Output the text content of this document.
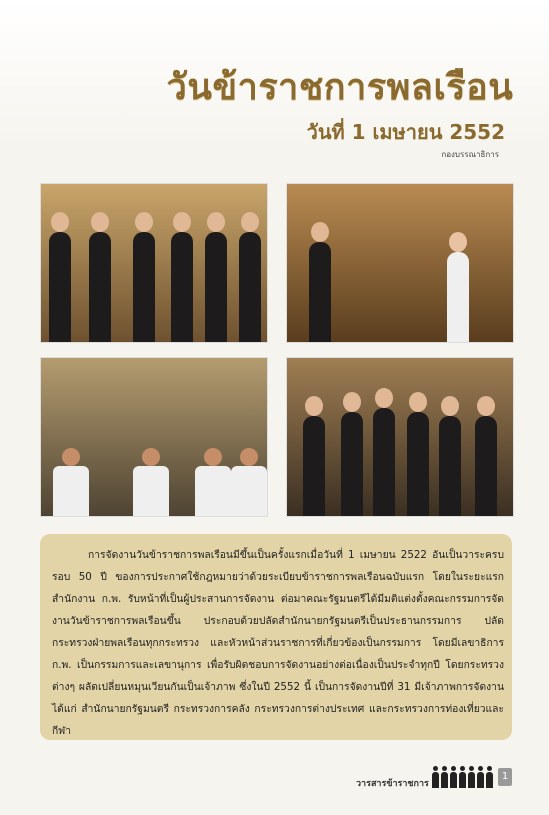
วันข้าราชการพลเรือน
วันที่ 1 เมษายน 2552
กองบรรณาธิการ
การจัดงานวันข้าราชการพลเรือนมีขึ้นเป็นครั้งแรกเมื่อวันที่ 1 เมษายน 2522 อันเป็นวาระครบรอบ 50 ปี ของการประกาศใช้กฎหมายว่าด้วยระเบียบข้าราชการพลเรือนฉบับแรก โดยในระยะแรกสำนักงาน ก.พ. รับหน้าที่เป็นผู้ประสานการจัดงาน ต่อมาคณะรัฐมนตรีได้มีมติแต่งตั้งคณะกรรมการจัดงานวันข้าราชการพลเรือนขึ้น ประกอบด้วยปลัดสำนักนายกรัฐมนตรีเป็นประธานกรรมการ ปลัดกระทรวงฝ่ายพลเรือนทุกกระทรวง และหัวหน้าส่วนราชการที่เกี่ยวข้องเป็นกรรมการ โดยมีเลขาธิการ ก.พ. เป็นกรรมการและเลขานุการ เพื่อรับผิดชอบการจัดงานอย่างต่อเนื่องเป็นประจำทุกปี โดยกระทรวงต่างๆ ผลัดเปลี่ยนหมุนเวียนกันเป็นเจ้าภาพ ซึ่งในปี 2552 นี้ เป็นการจัดงานปีที่ 31 มีเจ้าภาพการจัดงาน ได้แก่ สำนักนายกรัฐมนตรี กระทรวงการคลัง กระทรวงการต่างประเทศ และกระทรวงการท่องเที่ยวและกีฬา
วารสารข้าราชการ
1
